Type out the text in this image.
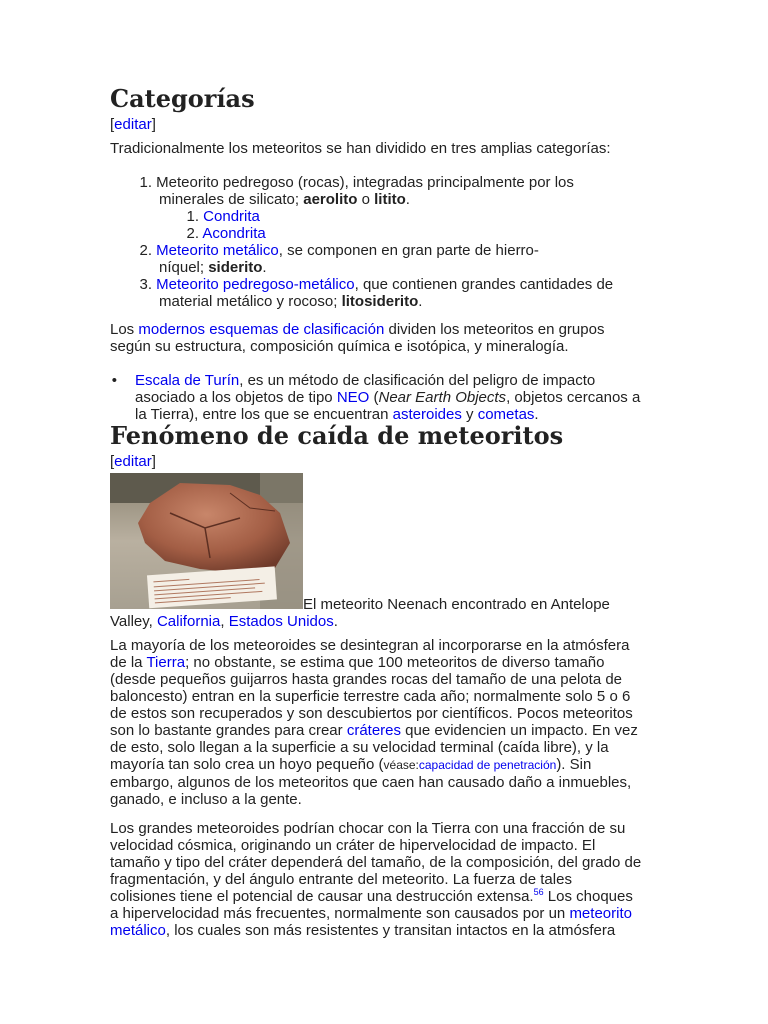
Categorías
[editar]
Tradicionalmente los meteoritos se han dividido en tres amplias categorías:
1. Meteorito pedregoso (rocas), integradas principalmente por los
minerales de silicato; aerolito o litito.
1. Condrita
2. Acondrita
2. Meteorito metálico, se componen en gran parte de hierro-
níquel; siderito.
3. Meteorito pedregoso-metálico, que contienen grandes cantidades de
material metálico y rocoso; litosiderito.
Los modernos esquemas de clasificación dividen los meteoritos en grupos
según su estructura, composición química e isotópica, y mineralogía.
• Escala de Turín, es un método de clasificación del peligro de impacto
asociado a los objetos de tipo NEO (Near Earth Objects, objetos cercanos a
la Tierra), entre los que se encuentran asteroides y cometas.
Fenómeno de caída de meteoritos
[editar]
El meteorito Neenach encontrado en Antelope
Valley, California, Estados Unidos.
La mayoría de los meteoroides se desintegran al incorporarse en la atmósfera
de la Tierra; no obstante, se estima que 100 meteoritos de diverso tamaño
(desde pequeños guijarros hasta grandes rocas del tamaño de una pelota de
baloncesto) entran en la superficie terrestre cada año; normalmente solo 5 o 6
de estos son recuperados y son descubiertos por científicos. Pocos meteoritos
son lo bastante grandes para crear cráteres que evidencien un impacto. En vez
de esto, solo llegan a la superficie a su velocidad terminal (caída libre), y la
mayoría tan solo crea un hoyo pequeño (véase:capacidad de penetración). Sin
embargo, algunos de los meteoritos que caen han causado daño a inmuebles,
ganado, e incluso a la gente.
Los grandes meteoroides podrían chocar con la Tierra con una fracción de su
velocidad cósmica, originando un cráter de hipervelocidad de impacto. El
tamaño y tipo del cráter dependerá del tamaño, de la composición, del grado de
fragmentación, y del ángulo entrante del meteorito. La fuerza de tales
colisiones tiene el potencial de causar una destrucción extensa.$^{56}$ Los choques
a hipervelocidad más frecuentes, normalmente son causados por un meteorito
metálico, los cuales son más resistentes y transitan intactos en la atmósfera
